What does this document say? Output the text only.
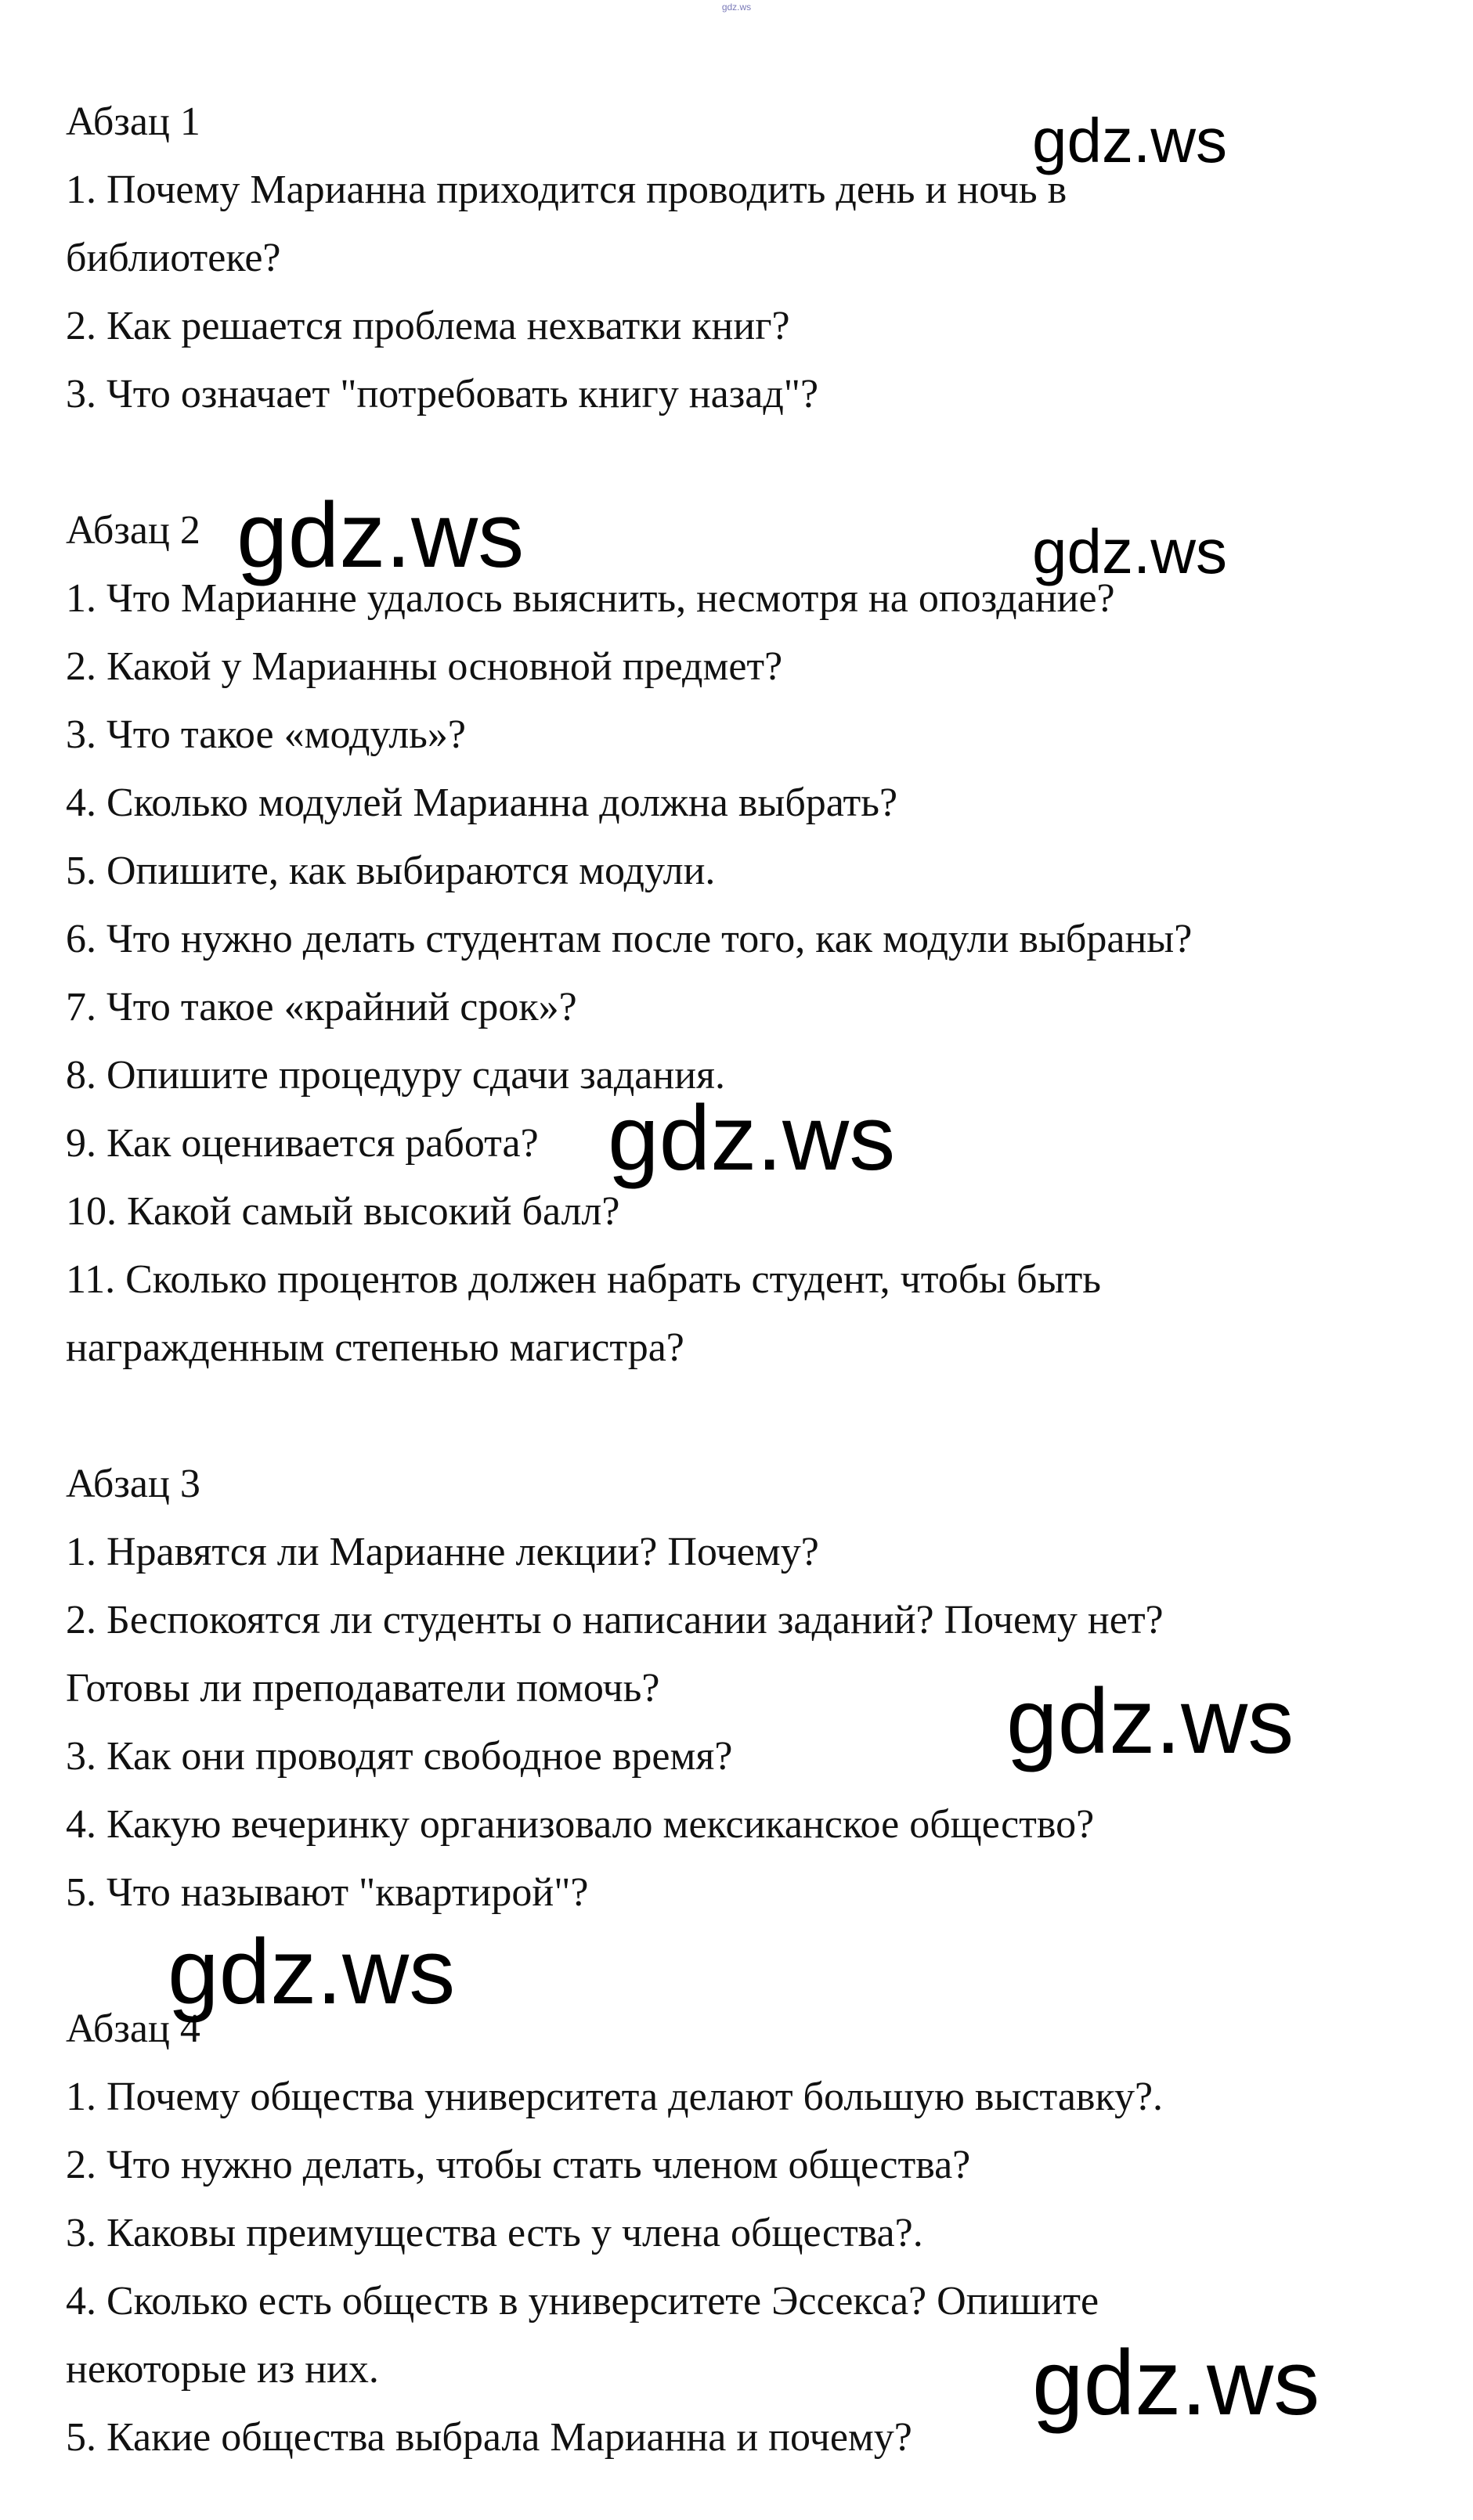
gdz.ws
Абзац 1
1. Почему Марианна приходится проводить день и ночь в
библиотеке?
2. Как решается проблема нехватки книг?
3. Что означает "потребовать книгу назад"?
Абзац 2
1. Что Марианне удалось выяснить, несмотря на опоздание?
2. Какой у Марианны основной предмет?
3. Что такое «модуль»?
4. Сколько модулей Марианна должна выбрать?
5. Опишите, как выбираются модули.
6. Что нужно делать студентам после того, как модули выбраны?
7. Что такое «крайний срок»?
8. Опишите процедуру сдачи задания.
9. Как оценивается работа?
10. Какой самый высокий балл?
11. Сколько процентов должен набрать студент, чтобы быть
награжденным степенью магистра?
Абзац 3
1. Нравятся ли Марианне лекции? Почему?
2. Беспокоятся ли студенты о написании заданий? Почему нет?
Готовы ли преподаватели помочь?
3. Как они проводят свободное время?
4. Какую вечеринку организовало мексиканское общество?
5. Что называют "квартирой"?
Абзац 4
1. Почему общества университета делают большую выставку?.
2. Что нужно делать, чтобы стать членом общества?
3. Каковы преимущества есть у члена общества?.
4. Сколько есть обществ в университете Эссекса? Опишите
некоторые из них.
5. Какие общества выбрала Марианна и почему?
gdz.ws
gdz.ws	gdz.ws
gdz.ws
gdz.ws
gdz.ws
gdz.ws
